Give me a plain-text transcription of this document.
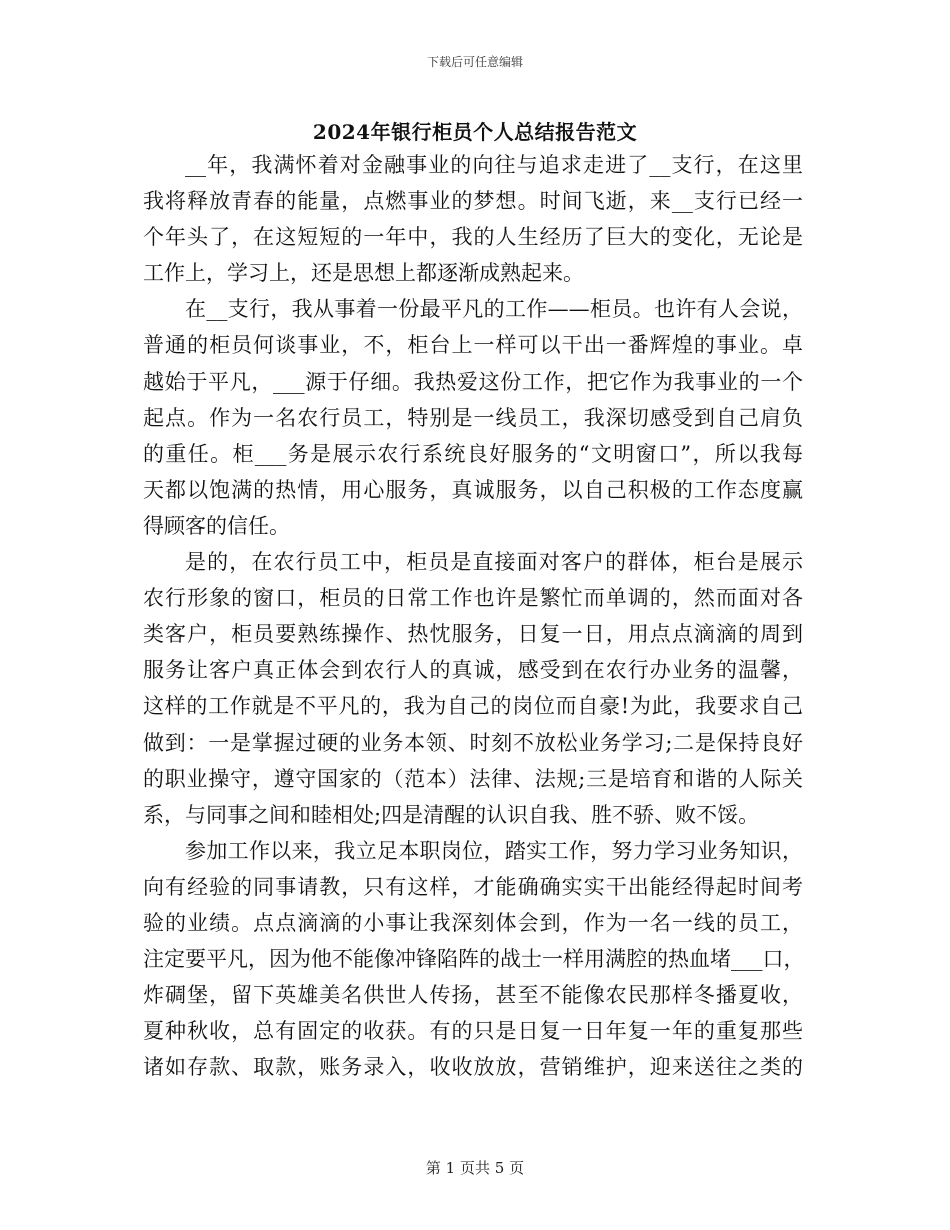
下载后可任意编辑
2024年银行柜员个人总结报告范文
__年，我满怀着对金融事业的向往与追求走进了__支行，在这里
我将释放青春的能量，点燃事业的梦想。时间飞逝，来__支行已经一
个年头了，在这短短的一年中，我的人生经历了巨大的变化，无论是
工作上，学习上，还是思想上都逐渐成熟起来。
在__支行，我从事着一份最平凡的工作——柜员。也许有人会说，
普通的柜员何谈事业，不，柜台上一样可以干出一番辉煌的事业。卓
越始于平凡，___源于仔细。我热爱这份工作，把它作为我事业的一个
起点。作为一名农行员工，特别是一线员工，我深切感受到自己肩负
的重任。柜___务是展示农行系统良好服务的“文明窗口”，所以我每
天都以饱满的热情，用心服务，真诚服务，以自己积极的工作态度赢
得顾客的信任。
是的，在农行员工中，柜员是直接面对客户的群体，柜台是展示
农行形象的窗口，柜员的日常工作也许是繁忙而单调的，然而面对各
类客户，柜员要熟练操作、热忱服务，日复一日，用点点滴滴的周到
服务让客户真正体会到农行人的真诚，感受到在农行办业务的温馨，
这样的工作就是不平凡的，我为自己的岗位而自豪!为此，我要求自己
做到：一是掌握过硬的业务本领、时刻不放松业务学习;二是保持良好
的职业操守，遵守国家的（范本）法律、法规;三是培育和谐的人际关
系，与同事之间和睦相处;四是清醒的认识自我、胜不骄、败不馁。
参加工作以来，我立足本职岗位，踏实工作，努力学习业务知识，
向有经验的同事请教，只有这样，才能确确实实干出能经得起时间考
验的业绩。点点滴滴的小事让我深刻体会到，作为一名一线的员工，
注定要平凡，因为他不能像冲锋陷阵的战士一样用满腔的热血堵___口，
炸碉堡，留下英雄美名供世人传扬，甚至不能像农民那样冬播夏收，
夏种秋收，总有固定的收获。有的只是日复一日年复一年的重复那些
诸如存款、取款，账务录入，收收放放，营销维护，迎来送往之类的
第 1 页共 5 页
